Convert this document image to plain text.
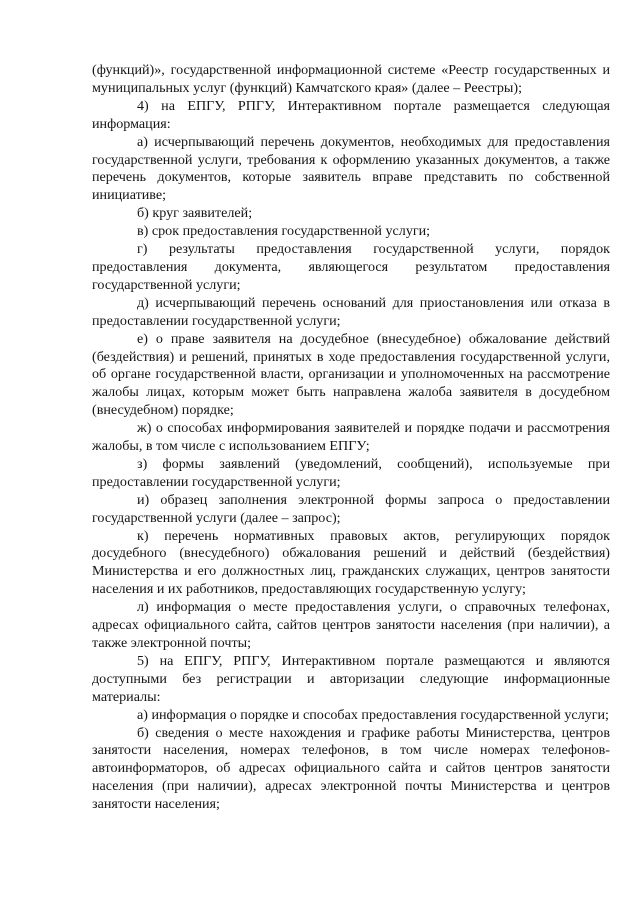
(функций)», государственной информационной системе «Реестр государственных и муниципальных услуг (функций) Камчатского края» (далее – Реестры);

4) на ЕПГУ, РПГУ, Интерактивном портале размещается следующая информация:

а) исчерпывающий перечень документов, необходимых для предоставления государственной услуги, требования к оформлению указанных документов, а также перечень документов, которые заявитель вправе представить по собственной инициативе;

б) круг заявителей;

в) срок предоставления государственной услуги;

г) результаты предоставления государственной услуги, порядок предоставления документа, являющегося результатом предоставления государственной услуги;

д) исчерпывающий перечень оснований для приостановления или отказа в предоставлении государственной услуги;

е) о праве заявителя на досудебное (внесудебное) обжалование действий (бездействия) и решений, принятых в ходе предоставления государственной услуги, об органе государственной власти, организации и уполномоченных на рассмотрение жалобы лицах, которым может быть направлена жалоба заявителя в досудебном (внесудебном) порядке;

ж) о способах информирования заявителей и порядке подачи и рассмотрения жалобы, в том числе с использованием ЕПГУ;

з) формы заявлений (уведомлений, сообщений), используемые при предоставлении государственной услуги;

и) образец заполнения электронной формы запроса о предоставлении государственной услуги (далее – запрос);

к) перечень нормативных правовых актов, регулирующих порядок досудебного (внесудебного) обжалования решений и действий (бездействия) Министерства и его должностных лиц, гражданских служащих, центров занятости населения и их работников, предоставляющих государственную услугу;

л) информация о месте предоставления услуги, о справочных телефонах, адресах официального сайта, сайтов центров занятости населения (при наличии), а также электронной почты;

5) на ЕПГУ, РПГУ, Интерактивном портале размещаются и являются доступными без регистрации и авторизации следующие информационные материалы:

а) информация о порядке и способах предоставления государственной услуги;

б) сведения о месте нахождения и графике работы Министерства, центров занятости населения, номерах телефонов, в том числе номерах телефонов-автоинформаторов, об адресах официального сайта и сайтов центров занятости населения (при наличии), адресах электронной почты Министерства и центров занятости населения;
